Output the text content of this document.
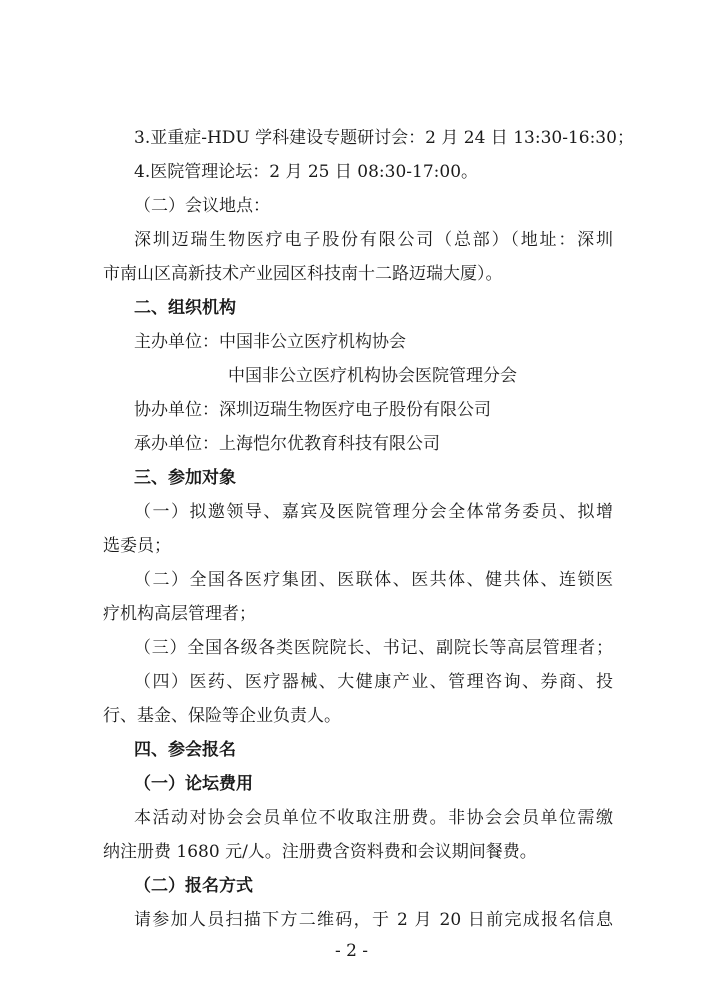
3.亚重症-HDU 学科建设专题研讨会：2 月 24 日 13:30-16:30；
4.医院管理论坛：2 月 25 日 08:30-17:00。
（二）会议地点：
深圳迈瑞生物医疗电子股份有限公司（总部）（地址：深圳
市南山区高新技术产业园区科技南十二路迈瑞大厦）。
二、组织机构
主办单位：中国非公立医疗机构协会
中国非公立医疗机构协会医院管理分会
协办单位：深圳迈瑞生物医疗电子股份有限公司
承办单位：上海恺尔优教育科技有限公司
三、参加对象
（一）拟邀领导、嘉宾及医院管理分会全体常务委员、拟增
选委员；
（二）全国各医疗集团、医联体、医共体、健共体、连锁医
疗机构高层管理者；
（三）全国各级各类医院院长、书记、副院长等高层管理者；
（四）医药、医疗器械、大健康产业、管理咨询、券商、投
行、基金、保险等企业负责人。
四、参会报名
（一）论坛费用
本活动对协会会员单位不收取注册费。非协会会员单位需缴
纳注册费 1680 元/人。注册费含资料费和会议期间餐费。
（二）报名方式
请参加人员扫描下方二维码，于 2 月 20 日前完成报名信息
- 2 -
